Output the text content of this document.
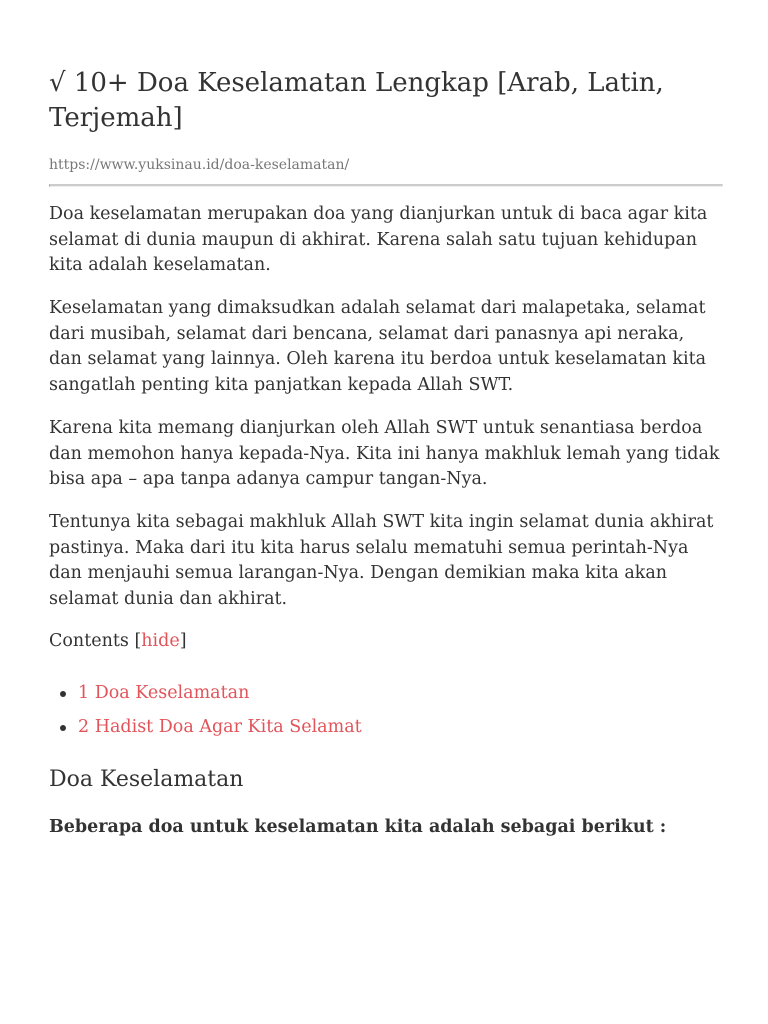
√ 10+ Doa Keselamatan Lengkap [Arab, Latin, Terjemah]

https://www.yuksinau.id/doa-keselamatan/

Doa keselamatan merupakan doa yang dianjurkan untuk di baca agar kita selamat di dunia maupun di akhirat. Karena salah satu tujuan kehidupan kita adalah keselamatan.

Keselamatan yang dimaksudkan adalah selamat dari malapetaka, selamat dari musibah, selamat dari bencana, selamat dari panasnya api neraka, dan selamat yang lainnya. Oleh karena itu berdoa untuk keselamatan kita sangatlah penting kita panjatkan kepada Allah SWT.

Karena kita memang dianjurkan oleh Allah SWT untuk senantiasa berdoa dan memohon hanya kepada-Nya. Kita ini hanya makhluk lemah yang tidak bisa apa – apa tanpa adanya campur tangan-Nya.

Tentunya kita sebagai makhluk Allah SWT kita ingin selamat dunia akhirat pastinya. Maka dari itu kita harus selalu mematuhi semua perintah-Nya dan menjauhi semua larangan-Nya. Dengan demikian maka kita akan selamat dunia dan akhirat.

Contents [hide]

1 Doa Keselamatan
2 Hadist Doa Agar Kita Selamat
Doa Keselamatan

Beberapa doa untuk keselamatan kita adalah sebagai berikut :
